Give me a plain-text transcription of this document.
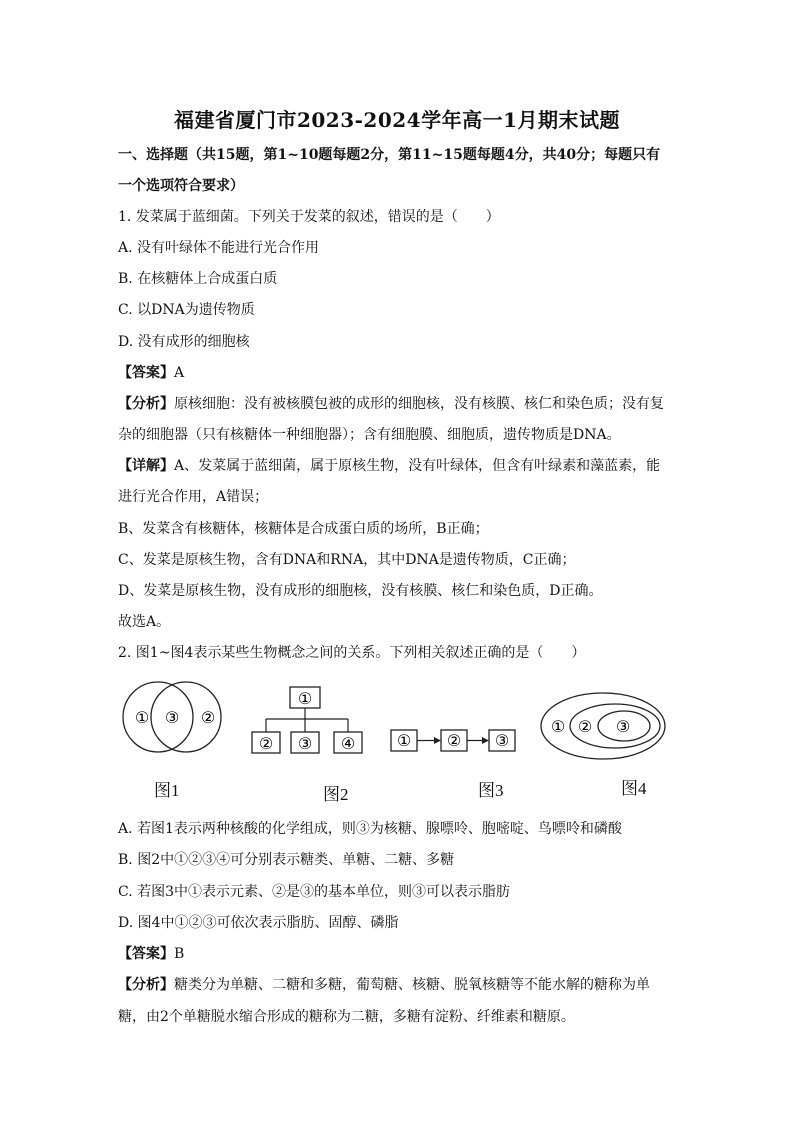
福建省厦门市2023-2024学年高一1月期末试题
一、选择题（共15题，第1~10题每题2分，第11~15题每题4分，共40分；每题只有
一个选项符合要求）
1. 发菜属于蓝细菌。下列关于发菜的叙述，错误的是（　　）
A. 没有叶绿体不能进行光合作用
B. 在核糖体上合成蛋白质
C. 以DNA为遗传物质
D. 没有成形的细胞核
【答案】A
【分析】原核细胞：没有被核膜包被的成形的细胞核，没有核膜、核仁和染色质；没有复
杂的细胞器（只有核糖体一种细胞器）；含有细胞膜、细胞质，遗传物质是DNA。
【详解】A、发菜属于蓝细菌，属于原核生物，没有叶绿体，但含有叶绿素和藻蓝素，能
进行光合作用，A错误；
B、发菜含有核糖体，核糖体是合成蛋白质的场所，B正确；
C、发菜是原核生物，含有DNA和RNA，其中DNA是遗传物质，C正确；
D、发菜是原核生物，没有成形的细胞核，没有核膜、核仁和染色质，D正确。
故选A。
2. 图1~图4表示某些生物概念之间的关系。下列相关叙述正确的是（　　）
① ③ ②
①
② ③ ④	① ② ③
① ② ③
图1	图2	图3	图4
A. 若图1表示两种核酸的化学组成，则③为核糖、腺嘌呤、胞嘧啶、鸟嘌呤和磷酸
B. 图2中①②③④可分别表示糖类、单糖、二糖、多糖
C. 若图3中①表示元素、②是③的基本单位，则③可以表示脂肪
D. 图4中①②③可依次表示脂肪、固醇、磷脂
【答案】B
【分析】糖类分为单糖、二糖和多糖，葡萄糖、核糖、脱氧核糖等不能水解的糖称为单
糖，由2个单糖脱水缩合形成的糖称为二糖，多糖有淀粉、纤维素和糖原。
